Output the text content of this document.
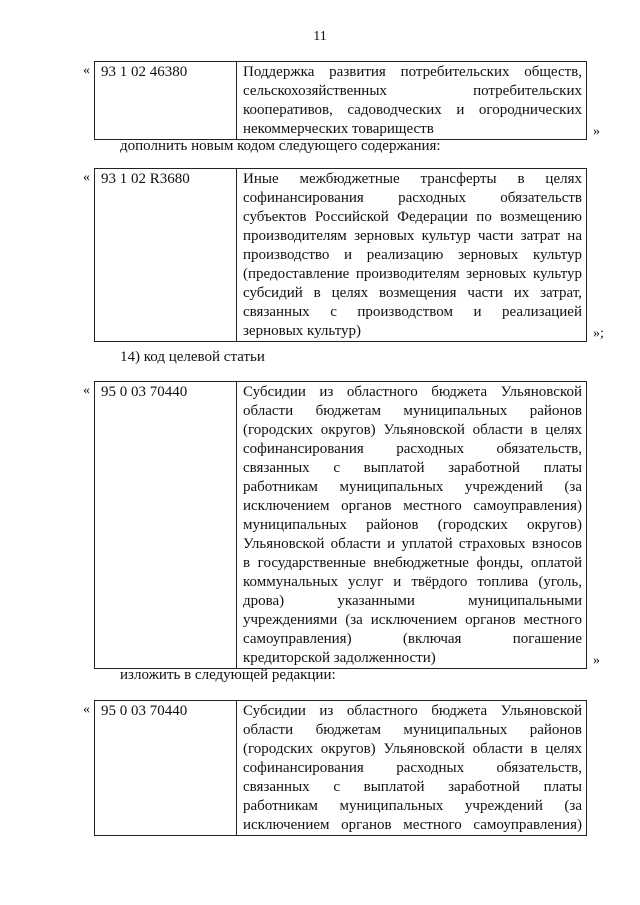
11
« 93 1 02 46380	Поддержка развития потребительских обществ,
сельскохозяйственных потребительских
кооперативов, садоводческих и огороднических
некоммерческих товариществ	»
дополнить новым кодом следующего содержания:
« 93 1 02 R3680	Иные межбюджетные трансферты в целях
софинансирования расходных обязательств
субъектов Российской Федерации по возмещению
производителям зерновых культур части затрат на
производство и реализацию зерновых культур
(предоставление производителям зерновых культур
субсидий в целях возмещения части их затрат,
связанных с производством и реализацией
зерновых культур)	»;
14) код целевой статьи
« 95 0 03 70440	Субсидии из областного бюджета Ульяновской
области бюджетам муниципальных районов
(городских округов) Ульяновской области в целях
софинансирования расходных обязательств,
связанных с выплатой заработной платы
работникам муниципальных учреждений (за
исключением органов местного самоуправления)
муниципальных районов (городских округов)
Ульяновской области и уплатой страховых взносов
в государственные внебюджетные фонды, оплатой
коммунальных услуг и твёрдого топлива (уголь,
дрова) указанными муниципальными
учреждениями (за исключением органов местного
самоуправления) (включая погашение
кредиторской задолженности)	»
изложить в следующей редакции:
« 95 0 03 70440	Субсидии из областного бюджета Ульяновской
области бюджетам муниципальных районов
(городских округов) Ульяновской области в целях
софинансирования расходных обязательств,
связанных с выплатой заработной платы
работникам муниципальных учреждений (за
исключением органов местного самоуправления)
